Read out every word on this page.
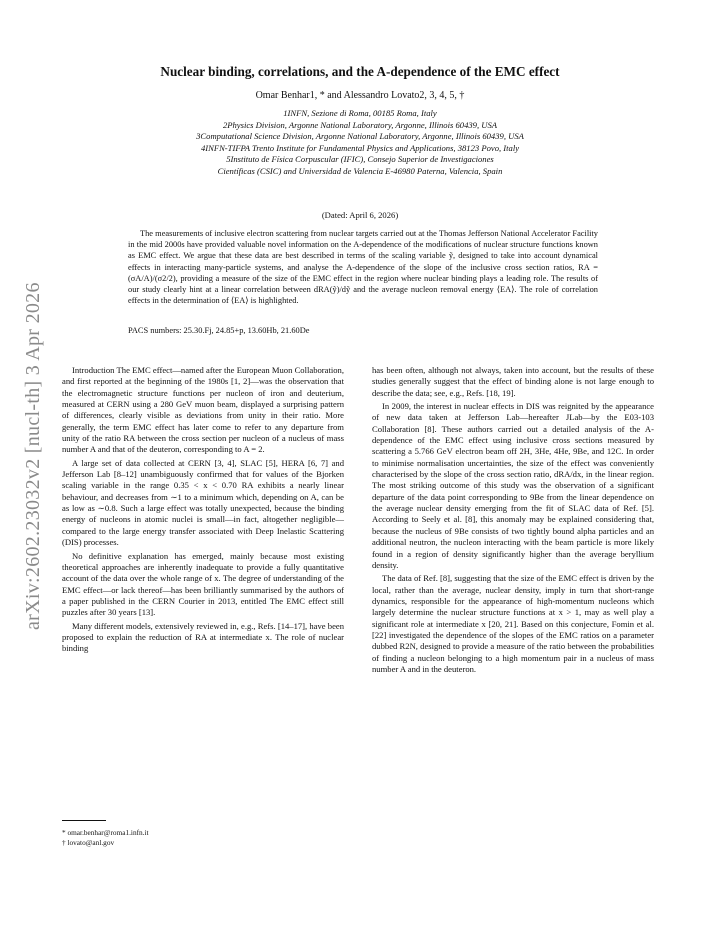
arXiv:2602.23032v2 [nucl-th] 3 Apr 2026
Nuclear binding, correlations, and the A-dependence of the EMC effect
Omar Benhar1, * and Alessandro Lovato2, 3, 4, 5, †
1INFN, Sezione di Roma, 00185 Roma, Italy
2Physics Division, Argonne National Laboratory, Argonne, Illinois 60439, USA
3Computational Science Division, Argonne National Laboratory, Argonne, Illinois 60439, USA
4INFN-TIFPA Trento Institute for Fundamental Physics and Applications, 38123 Povo, Italy
5Instituto de Física Corpuscular (IFIC), Consejo Superior de Investigaciones
Científicas (CSIC) and Universidad de Valencia E-46980 Paterna, Valencia, Spain
(Dated: April 6, 2026)

The measurements of inclusive electron scattering from nuclear targets carried out at the Thomas Jefferson National Accelerator Facility in the mid 2000s have provided valuable novel information on the A-dependence of the modifications of nuclear structure functions known as EMC effect. We argue that these data are best described in terms of the scaling variable ỹ, designed to take into account dynamical effects in interacting many-particle systems, and analyse the A-dependence of the slope of the inclusive cross section ratios, RA = (σA/A)/(σ2/2), providing a measure of the size of the EMC effect in the region where nuclear binding plays a leading role. The results of our study clearly hint at a linear correlation between dRA(ỹ)/dỹ and the average nucleon removal energy ⟨EA⟩. The role of correlation effects in the determination of ⟨EA⟩ is highlighted.

PACS numbers: 25.30.Fj, 24.85+p, 13.60Hb, 21.60De

Introduction The EMC effect—named after the European Muon Collaboration, and first reported at the beginning of the 1980s [1, 2]—was the observation that the electromagnetic structure functions per nucleon of iron and deuterium, measured at CERN using a 280 GeV muon beam, displayed a surprising pattern of differences, clearly visible as deviations from unity in their ratio. More generally, the term EMC effect has later come to refer to any departure from unity of the ratio RA between the cross section per nucleon of a nucleus of mass number A and that of the deuteron, corresponding to A = 2.

A large set of data collected at CERN [3, 4], SLAC [5], HERA [6, 7] and Jefferson Lab [8–12] unambiguously confirmed that for values of the Bjorken scaling variable in the range 0.35 < x < 0.70 RA exhibits a nearly linear behaviour, and decreases from ∼1 to a minimum which, depending on A, can be as low as ∼0.8. Such a large effect was totally unexpected, because the binding energy of nucleons in atomic nuclei is small—in fact, altogether negligible—compared to the large energy transfer associated with Deep Inelastic Scattering (DIS) processes.

No definitive explanation has emerged, mainly because most existing theoretical approaches are inherently inadequate to provide a fully quantitative account of the data over the whole range of x. The degree of understanding of the EMC effect—or lack thereof—has been brilliantly summarised by the authors of a paper published in the CERN Courier in 2013, entitled The EMC effect still puzzles after 30 years [13].

Many different models, extensively reviewed in, e.g., Refs. [14–17], have been proposed to explain the reduction of RA at intermediate x. The role of nuclear binding

has been often, although not always, taken into account, but the results of these studies generally suggest that the effect of binding alone is not large enough to describe the data; see, e.g., Refs. [18, 19].

In 2009, the interest in nuclear effects in DIS was reignited by the appearance of new data taken at Jefferson Lab—hereafter JLab—by the E03-103 Collaboration [8]. These authors carried out a detailed analysis of the A-dependence of the EMC effect using inclusive cross sections measured by scattering a 5.766 GeV electron beam off 2H, 3He, 4He, 9Be, and 12C. In order to minimise normalisation uncertainties, the size of the effect was conveniently characterised by the slope of the cross section ratio, dRA/dx, in the linear region. The most striking outcome of this study was the observation of a significant departure of the data point corresponding to 9Be from the linear dependence on the average nuclear density emerging from the fit of SLAC data of Ref. [5]. According to Seely et al. [8], this anomaly may be explained considering that, because the nucleus of 9Be consists of two tightly bound alpha particles and an additional neutron, the nucleon interacting with the beam particle is more likely found in a region of density significantly higher than the average beryllium density.

The data of Ref. [8], suggesting that the size of the EMC effect is driven by the local, rather than the average, nuclear density, imply in turn that short-range dynamics, responsible for the appearance of high-momentum nucleons which largely determine the nuclear structure functions at x > 1, may as well play a significant role at intermediate x [20, 21]. Based on this conjecture, Fomin et al. [22] investigated the dependence of the slopes of the EMC ratios on a parameter dubbed R2N, designed to provide a measure of the ratio between the probabilities of finding a nucleon belonging to a high momentum pair in a nucleus of mass number A and in the deuteron.

* omar.benhar@roma1.infn.it
† lovato@anl.gov
